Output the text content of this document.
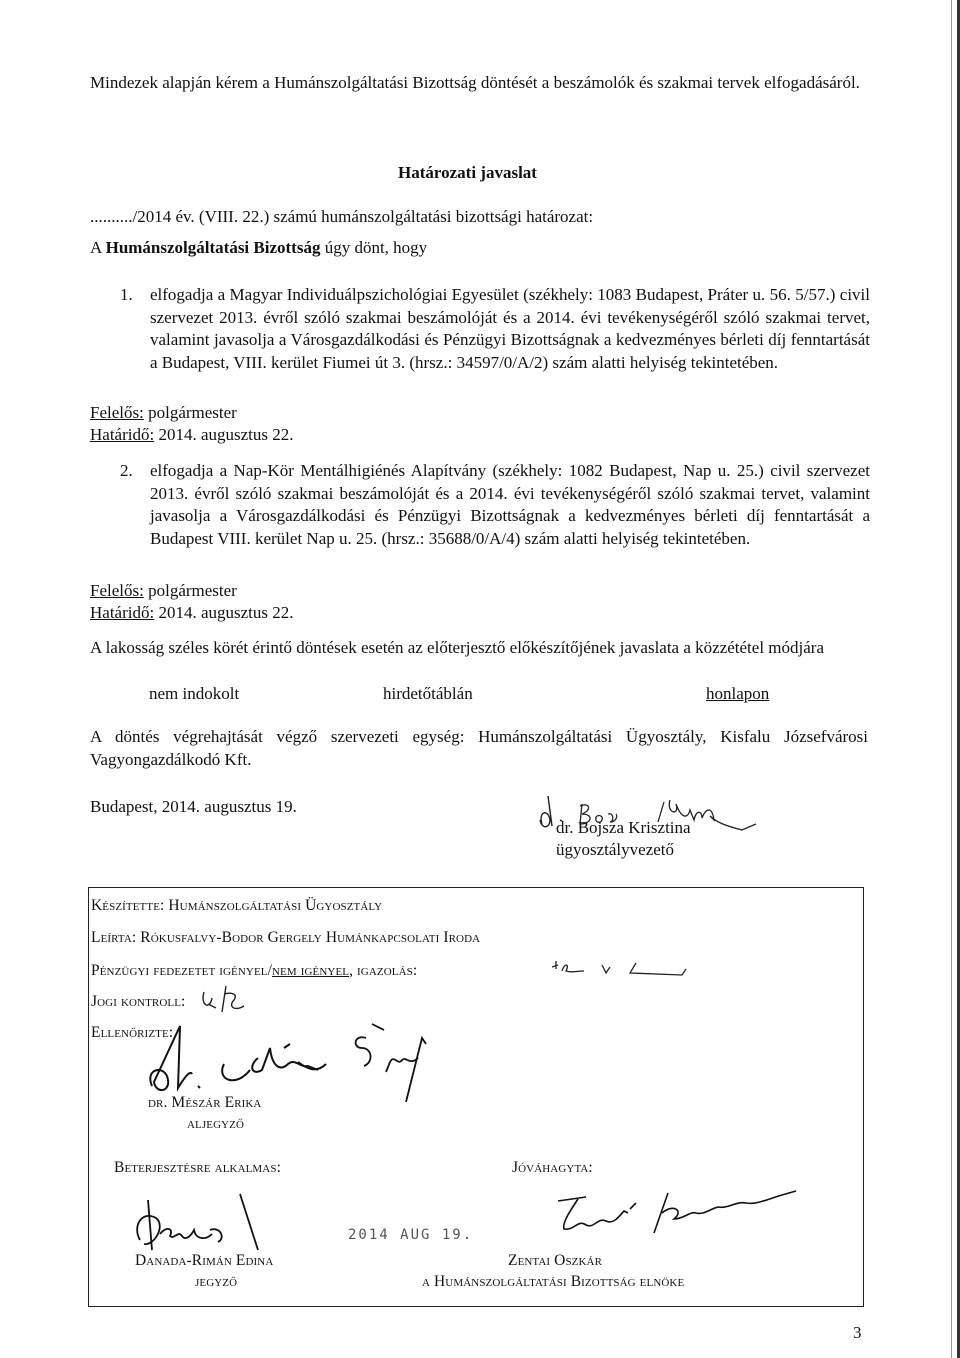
Mindezek alapján kérem a Humánszolgáltatási Bizottság döntését a beszámolók és szakmai tervek elfogadásáról.
Határozati javaslat
........../2014 év. (VIII. 22.) számú humánszolgáltatási bizottsági határozat:
A Humánszolgáltatási Bizottság úgy dönt, hogy
1. elfogadja a Magyar Individuálpszichológiai Egyesület (székhely: 1083 Budapest, Práter u. 56. 5/57.) civil szervezet 2013. évről szóló szakmai beszámolóját és a 2014. évi tevékenységéről szóló szakmai tervet, valamint javasolja a Városgazdálkodási és Pénzügyi Bizottságnak a kedvezményes bérleti díj fenntartását a Budapest, VIII. kerület Fiumei út 3. (hrsz.: 34597/0/A/2) szám alatti helyiség tekintetében.
Felelős: polgármester
Határidő: 2014. augusztus 22.
2. elfogadja a Nap-Kör Mentálhigiénés Alapítvány (székhely: 1082 Budapest, Nap u. 25.) civil szervezet 2013. évről szóló szakmai beszámolóját és a 2014. évi tevékenységéről szóló szakmai tervet, valamint javasolja a Városgazdálkodási és Pénzügyi Bizottságnak a kedvezményes bérleti díj fenntartását a Budapest VIII. kerület Nap u. 25. (hrsz.: 35688/0/A/4) szám alatti helyiség tekintetében.
Felelős: polgármester
Határidő: 2014. augusztus 22.
A lakosság széles körét érintő döntések esetén az előterjesztő előkészítőjének javaslata a közzététel módjára
nem indokolt	hirdetőtáblán	honlapon
A döntés végrehajtását végző szervezeti egység: Humánszolgáltatási Ügyosztály, Kisfalu Józsefvárosi Vagyongazdálkodó Kft.
Budapest, 2014. augusztus 19.
dr. Bojsza Krisztina
ügyosztályvezető
Készítette: Humánszolgáltatási Ügyosztály
Leírta: Rókusfalvy-Bodor Gergely Humánkapcsolati Iroda
Pénzügyi fedezetet igényel/nem igényel, igazolás:
Jogi kontroll:
Ellenőrizte:
dr. Mészár Erika
aljegyző
Beterjesztésre alkalmas:	Jóváhagyta:
2014 AUG 19.
Danada-Rimán Edina
jegyző
Zentai Oszkár
a Humánszolgáltatási Bizottság elnöke
3
